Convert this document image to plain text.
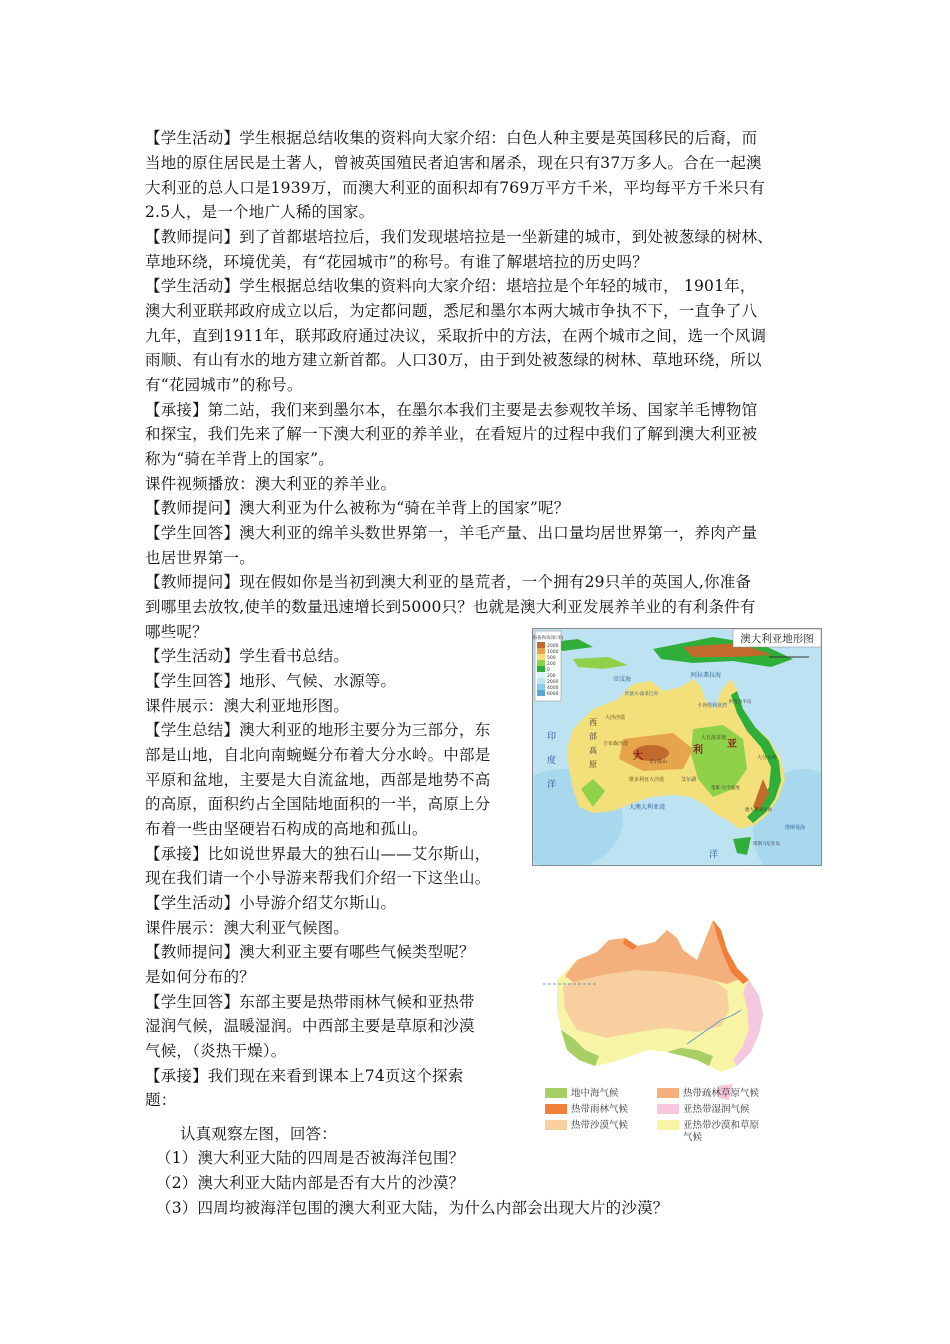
【学生活动】学生根据总结收集的资料向大家介绍：白色人种主要是英国移民的后裔，而

当地的原住居民是土著人，曾被英国殖民者迫害和屠杀，现在只有37万多人。合在一起澳

大利亚的总人口是1939万，而澳大利亚的面积却有769万平方千米，平均每平方千米只有

2.5人，是一个地广人稀的国家。

【教师提问】到了首都堪培拉后，我们发现堪培拉是一坐新建的城市，到处被葱绿的树林、

草地环绕，环境优美，有“花园城市”的称号。有谁了解堪培拉的历史吗？

【学生活动】学生根据总结收集的资料向大家介绍：堪培拉是个年轻的城市， 1901年，

澳大利亚联邦政府成立以后，为定都问题，悉尼和墨尔本两大城市争执不下，一直争了八

九年，直到1911年，联邦政府通过决议，采取折中的方法，在两个城市之间，选一个风调

雨顺、有山有水的地方建立新首都。人口30万，由于到处被葱绿的树林、草地环绕，所以

有“花园城市”的称号。

【承接】第二站，我们来到墨尔本，在墨尔本我们主要是去参观牧羊场、国家羊毛博物馆

和探宝，我们先来了解一下澳大利亚的养羊业，在看短片的过程中我们了解到澳大利亚被

称为“骑在羊背上的国家”。

课件视频播放：澳大利亚的养羊业。

【教师提问】澳大利亚为什么被称为“骑在羊背上的国家”呢？

【学生回答】澳大利亚的绵羊头数世界第一，羊毛产量、出口量均居世界第一，养肉产量

也居世界第一。

【教师提问】现在假如你是当初到澳大利亚的垦荒者，一个拥有29只羊的英国人,你准备

到哪里去放牧,使羊的数量迅速增长到5000只？也就是澳大利亚发展养羊业的有利条件有

哪些呢？

【学生活动】学生看书总结。

【学生回答】地形、气候、水源等。

课件展示：澳大利亚地形图。

【学生总结】澳大利亚的地形主要分为三部分，东

部是山地，自北向南蜿蜒分布着大分水岭。中部是

平原和盆地，主要是大自流盆地，西部是地势不高

的高原，面积约占全国陆地面积的一半，高原上分

布着一些由坚硬岩石构成的高地和孤山。

【承接】比如说世界最大的独石山——艾尔斯山，

现在我们请一个小导游来帮我们介绍一下这坐山。

【学生活动】小导游介绍艾尔斯山。

课件展示：澳大利亚气候图。

【教师提问】澳大利亚主要有哪些气候类型呢？

是如何分布的？

【学生回答】东部主要是热带雨林气候和亚热带

湿润气候，温暖湿润。中西部主要是草原和沙漠

气候，（炎热干燥）。

【承接】我们现在来看到课本上74页这个探索

题：

认真观察左图，回答：

（1）澳大利亚大陆的四周是否被海洋包围？

（2）澳大利亚大陆内部是否有大片的沙漠？

（3）四周均被海洋包围的澳大利亚大陆，为什么内部会出现大片的沙漠？

澳大利亚地形图
海拔和海深(米)
2000
1000
500
200
0
200
2000
4000
6000
阿拉弗拉海
帝汶海
卡奔塔利亚湾
约瑟夫·波拿巴湾
约克角半岛
西
部
高
原
大沙沙漠
吉布森沙漠
维多利亚大沙漠
大
利
亚
大自流盆地
艾尔湖
墨累-达令盆地
大分水岭
大澳大利亚湾	澳大利亚山脉
艾尔斯山
印
度
洋
洋
塔斯曼海
塔斯马尼亚岛
地中海气候	热带疏林草原气候
热带雨林气候	亚热带湿润气候
热带沙漠气候	亚热带沙漠和草原
气候
